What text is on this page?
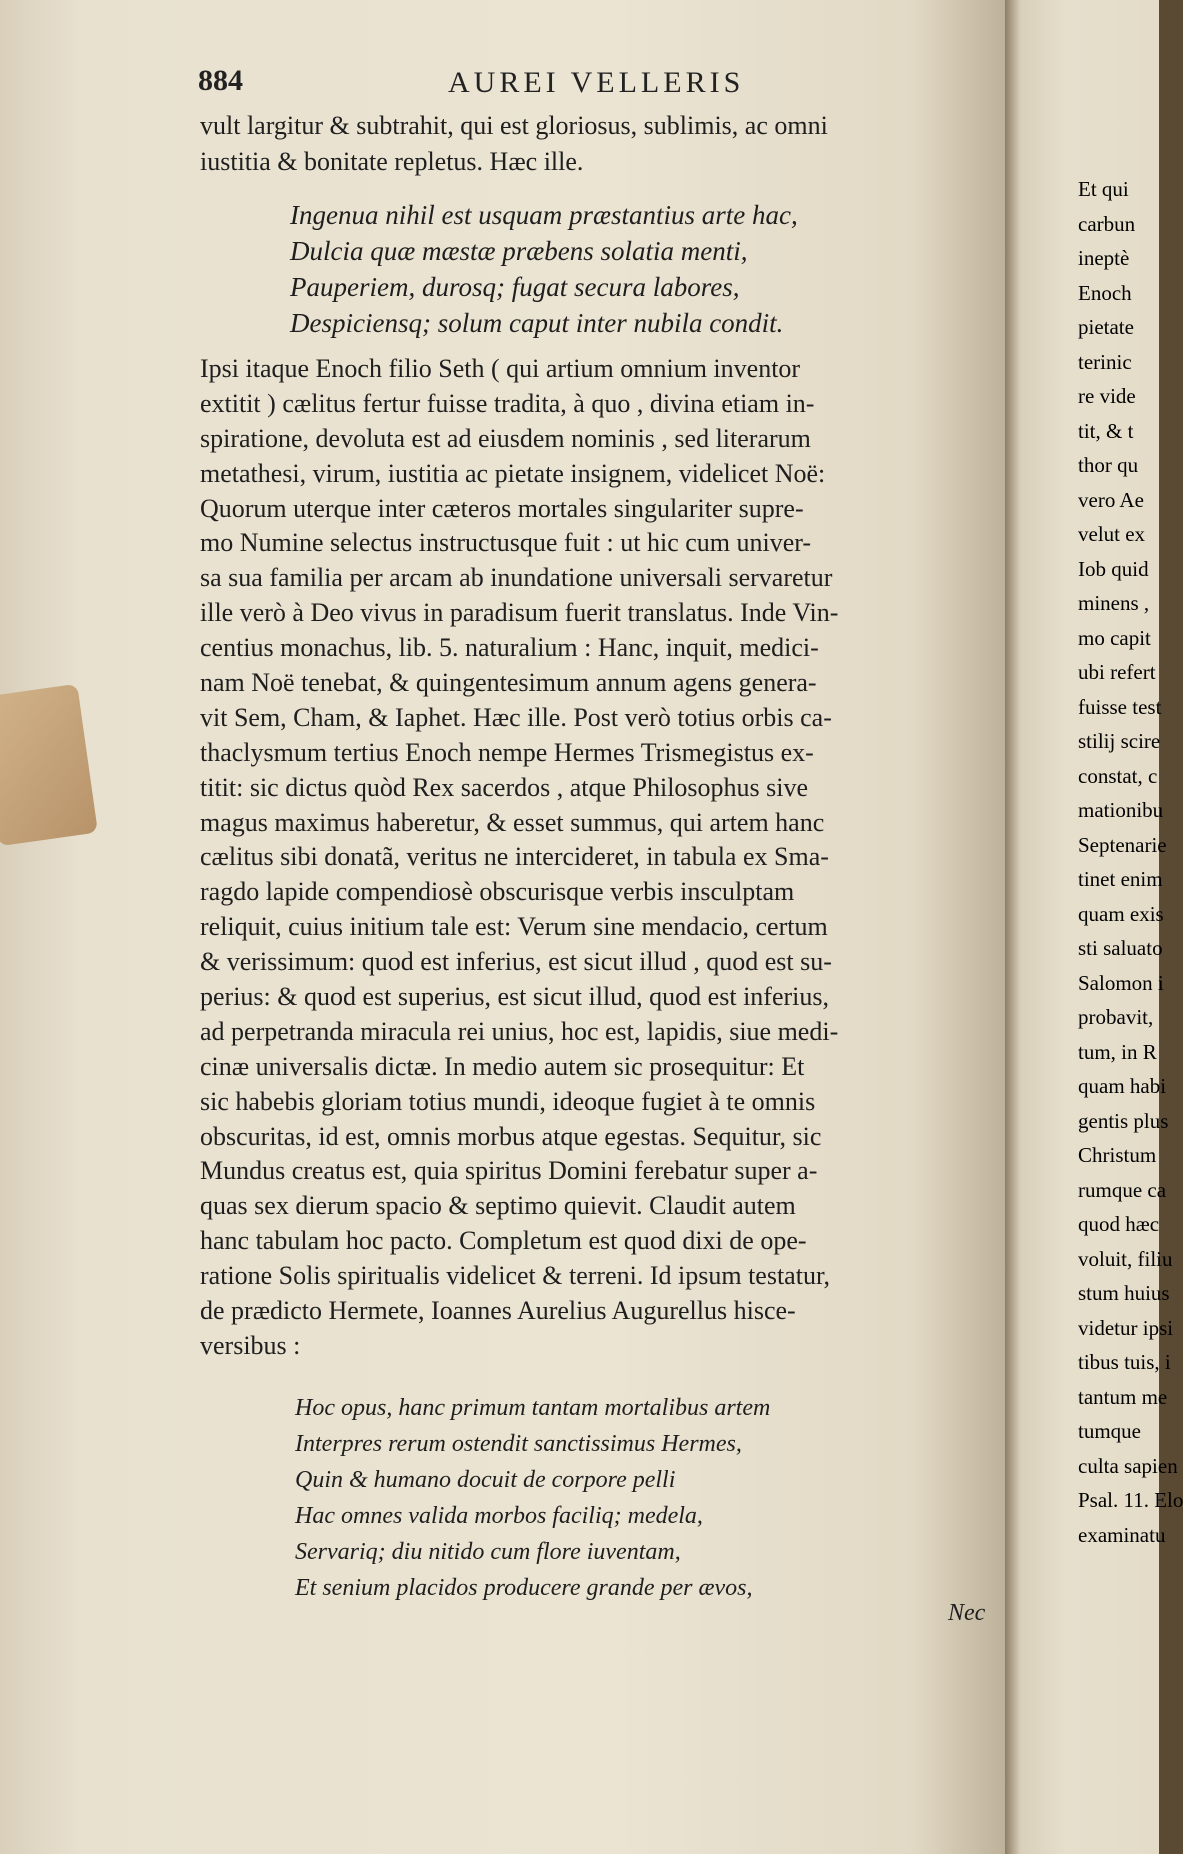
884	AUREI VELLERIS
vult largitur & subtrahit, qui est gloriosus, sublimis, ac omni
iustitia & bonitate repletus. Hæc ille.
Ingenua nihil est usquam præstantius arte hac,
Dulcia quæ mæstæ præbens solatia menti,
Pauperiem, durosq; fugat secura labores,
Despiciensq; solum caput inter nubila condit.
Ipsi itaque Enoch filio Seth ( qui artium omnium inventor
extitit ) cælitus fertur fuisse tradita, à quo , divina etiam in-
spiratione, devoluta est ad eiusdem nominis , sed literarum
metathesi, virum, iustitia ac pietate insignem, videlicet Noë:
Quorum uterque inter cæteros mortales singulariter supre-
mo Numine selectus instructusque fuit : ut hic cum univer-
sa sua familia per arcam ab inundatione universali servaretur
ille verò à Deo vivus in paradisum fuerit translatus. Inde Vin-
centius monachus, lib. 5. naturalium : Hanc, inquit, medici-
nam Noë tenebat, & quingentesimum annum agens genera-
vit Sem, Cham, & Iaphet. Hæc ille. Post verò totius orbis ca-
thaclysmum tertius Enoch nempe Hermes Trismegistus ex-
titit: sic dictus quòd Rex sacerdos , atque Philosophus sive
magus maximus haberetur, & esset summus, qui artem hanc
cælitus sibi donatã, veritus ne intercideret, in tabula ex Sma-
ragdo lapide compendiosè obscurisque verbis insculptam
reliquit, cuius initium tale est: Verum sine mendacio, certum
& verissimum: quod est inferius, est sicut illud , quod est su-
perius: & quod est superius, est sicut illud, quod est inferius,
ad perpetranda miracula rei unius, hoc est, lapidis, siue medi-
cinæ universalis dictæ. In medio autem sic prosequitur: Et
sic habebis gloriam totius mundi, ideoque fugiet à te omnis
obscuritas, id est, omnis morbus atque egestas. Sequitur, sic
Mundus creatus est, quia spiritus Domini ferebatur super a-
quas sex dierum spacio & septimo quievit. Claudit autem
hanc tabulam hoc pacto. Completum est quod dixi de ope-
ratione Solis spiritualis videlicet & terreni. Id ipsum testatur,
de prædicto Hermete, Ioannes Aurelius Augurellus hisce-
versibus :
Hoc opus, hanc primum tantam mortalibus artem
Interpres rerum ostendit sanctissimus Hermes,
Quin & humano docuit de corpore pelli
Hac omnes valida morbos faciliq; medela,
Servariq; diu nitido cum flore iuventam,
Et senium placidos producere grande per ævos,
Nec
Et qui
carbun
ineptè
Enoch
pietate
terinic
re vide
tit, & t
thor qu
vero Ae
velut ex
Iob quid
minens ,
mo capit
ubi refert
fuisse test
stilij scire
constat, c
mationibu
Septenarie
tinet enim
quam exis
sti saluato
Salomon i
probavit,
tum, in R
quam habi
gentis plus
Christum
rumque ca
quod hæc
voluit, filiu
stum huius
videtur ipsi
tibus tuis, i
tantum me
tumque
culta sapien
Psal. 11. Elo
examinatu
